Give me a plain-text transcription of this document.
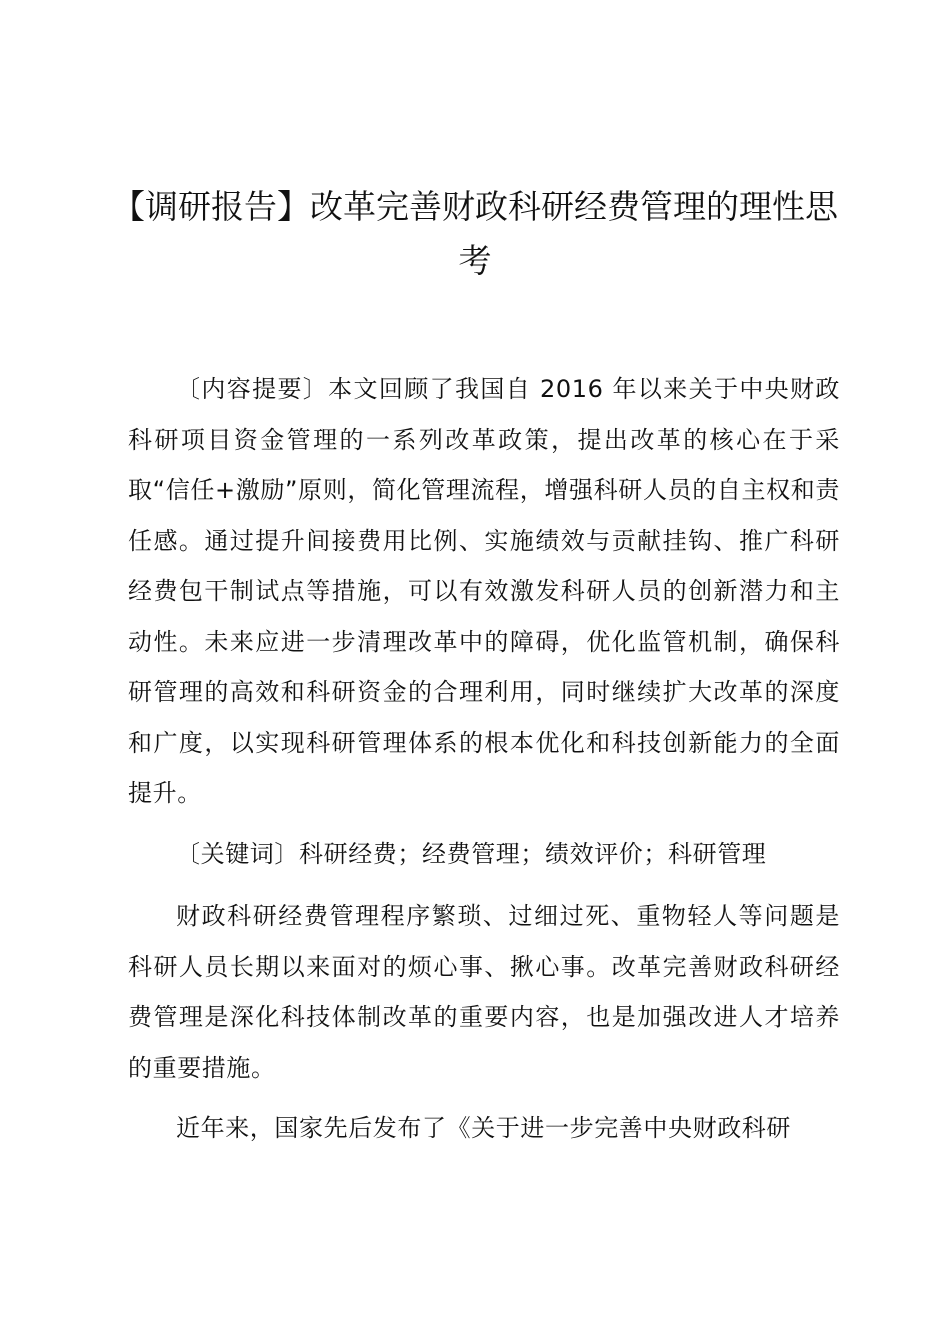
【调研报告】改革完善财政科研经费管理的理性思考

〔内容提要〕本文回顾了我国自 2016 年以来关于中央财政科研项目资金管理的一系列改革政策，提出改革的核心在于采取“信任+激励”原则，简化管理流程，增强科研人员的自主权和责任感。通过提升间接费用比例、实施绩效与贡献挂钩、推广科研经费包干制试点等措施，可以有效激发科研人员的创新潜力和主动性。未来应进一步清理改革中的障碍，优化监管机制，确保科研管理的高效和科研资金的合理利用，同时继续扩大改革的深度和广度，以实现科研管理体系的根本优化和科技创新能力的全面提升。

〔关键词〕科研经费；经费管理；绩效评价；科研管理

财政科研经费管理程序繁琐、过细过死、重物轻人等问题是科研人员长期以来面对的烦心事、揪心事。改革完善财政科研经费管理是深化科技体制改革的重要内容，也是加强改进人才培养的重要措施。

近年来，国家先后发布了《关于进一步完善中央财政科研
